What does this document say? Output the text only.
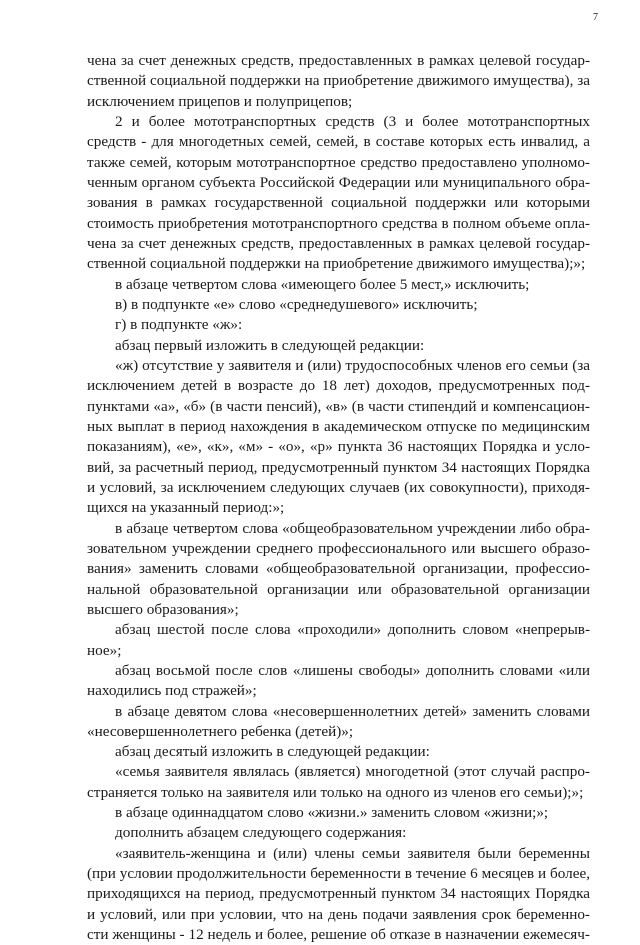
7
чена за счет денежных средств, предоставленных в рамках целевой государ-
ственной социальной поддержки на приобретение движимого имущества), за
исключением прицепов и полуприцепов;
2 и более мототранспортных средств (3 и более мототранспортных
средств - для многодетных семей, семей, в составе которых есть инвалид, а
также семей, которым мототранспортное средство предоставлено уполномо-
ченным органом субъекта Российской Федерации или муниципального обра-
зования в рамках государственной социальной поддержки или которыми
стоимость приобретения мототранспортного средства в полном объеме опла-
чена за счет денежных средств, предоставленных в рамках целевой государ-
ственной социальной поддержки на приобретение движимого имущества);»;
в абзаце четвертом слова «имеющего более 5 мест,» исключить;
в) в подпункте «е» слово «среднедушевого» исключить;
г) в подпункте «ж»:
абзац первый изложить в следующей редакции:
«ж) отсутствие у заявителя и (или) трудоспособных членов его семьи (за
исключением детей в возрасте до 18 лет) доходов, предусмотренных под-
пунктами «а», «б» (в части пенсий), «в» (в части стипендий и компенсацион-
ных выплат в период нахождения в академическом отпуске по медицинским
показаниям), «е», «к», «м» - «о», «р» пункта 36 настоящих Порядка и усло-
вий, за расчетный период, предусмотренный пунктом 34 настоящих Порядка
и условий, за исключением следующих случаев (их совокупности), приходя-
щихся на указанный период:»;
в абзаце четвертом слова «общеобразовательном учреждении либо обра-
зовательном учреждении среднего профессионального или высшего образо-
вания» заменить словами «общеобразовательной организации, профессио-
нальной образовательной организации или образовательной организации
высшего образования»;
абзац шестой после слова «проходили» дополнить словом «непрерыв-
ное»;
абзац восьмой после слов «лишены свободы» дополнить словами «или
находились под стражей»;
в абзаце девятом слова «несовершеннолетних детей» заменить словами
«несовершеннолетнего ребенка (детей)»;
абзац десятый изложить в следующей редакции:
«семья заявителя являлась (является) многодетной (этот случай распро-
страняется только на заявителя или только на одного из членов его семьи);»;
в абзаце одиннадцатом слово «жизни.» заменить словом «жизни;»;
дополнить абзацем следующего содержания:
«заявитель-женщина и (или) члены семьи заявителя были беременны
(при условии продолжительности беременности в течение 6 месяцев и более,
приходящихся на период, предусмотренный пунктом 34 настоящих Порядка
и условий, или при условии, что на день подачи заявления срок беременно-
сти женщины - 12 недель и более, решение об отказе в назначении ежемесяч-
